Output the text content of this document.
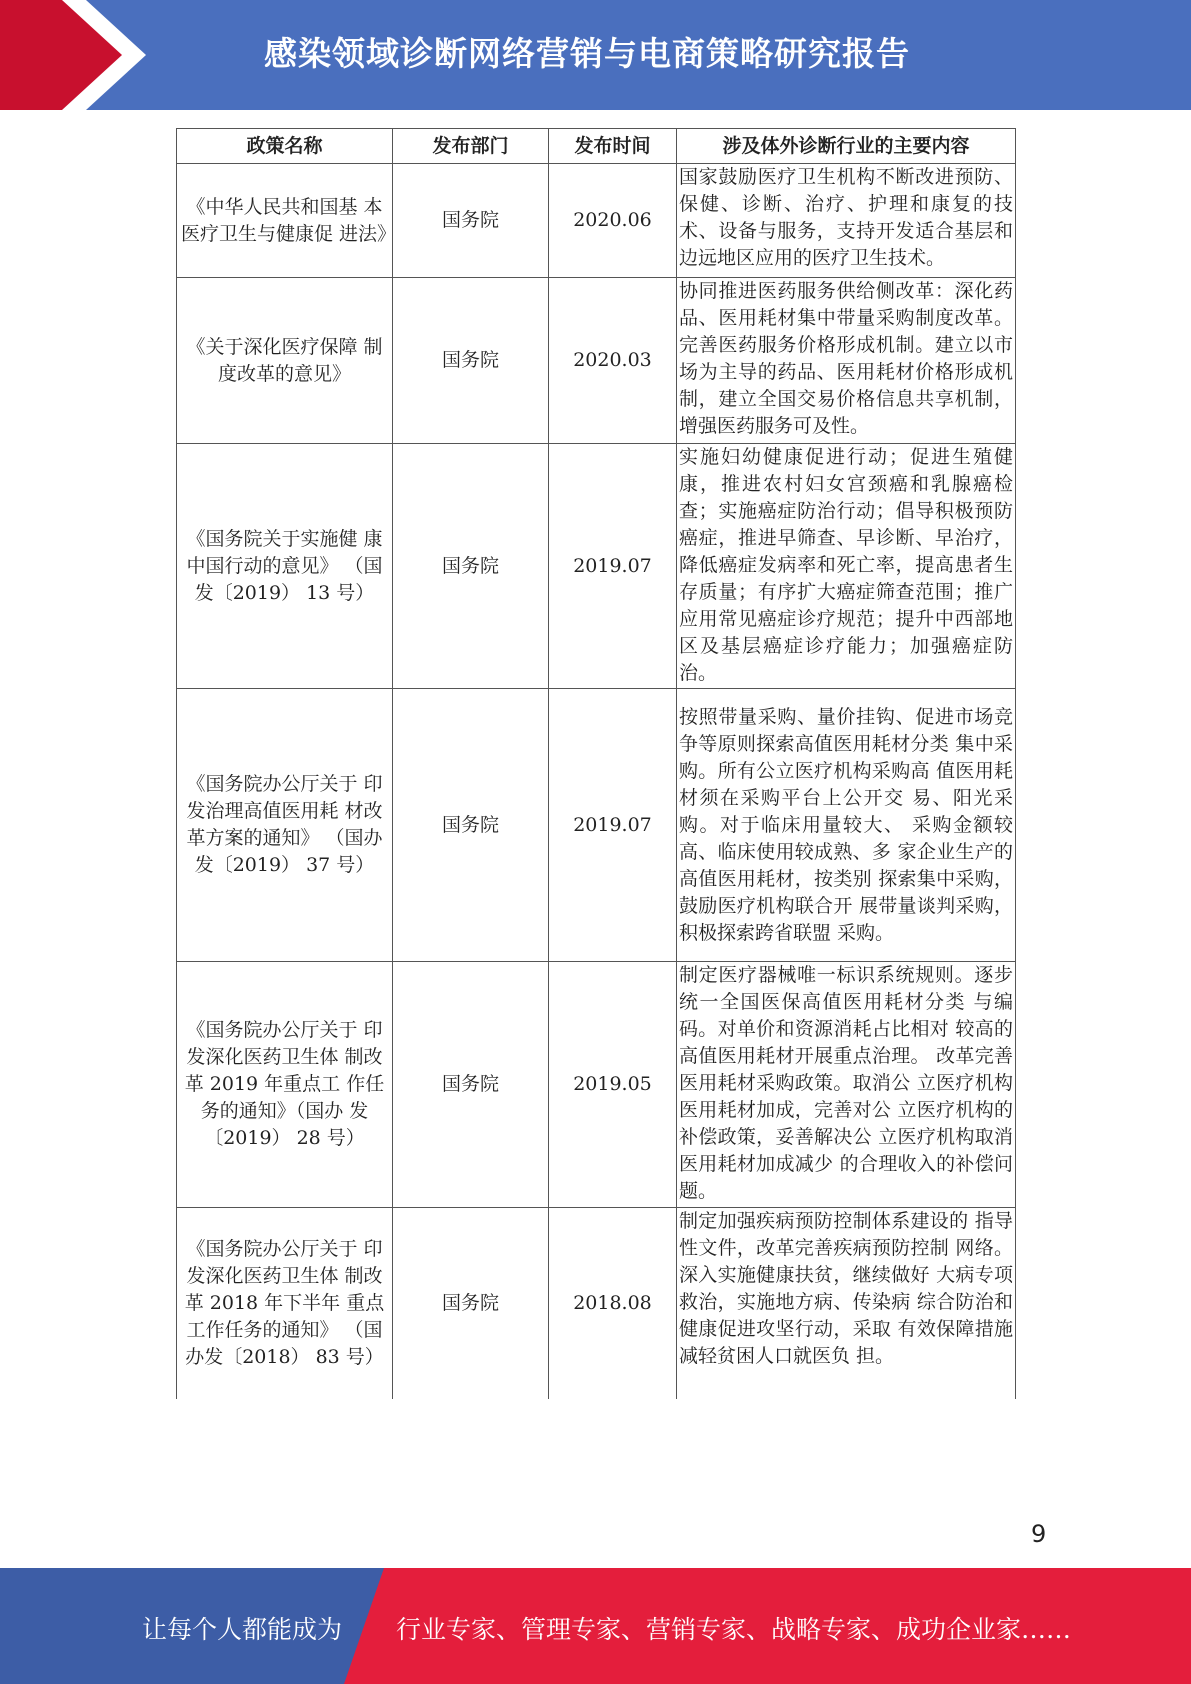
感染领域诊断网络营销与电商策略研究报告
政策名称	发布部门	发布时间	涉及体外诊断行业的主要内容
《中华人民共和国基 本医疗卫生与健康促 进法》	国务院	2020.06	国家鼓励医疗卫生机构不断改进预防、保健、诊断、治疗、护理和康复的技术、设备与服务，支持开发适合基层和边远地区应用的医疗卫生技术。
《关于深化医疗保障 制度改革的意见》	国务院	2020.03	协同推进医药服务供给侧改革：深化药品、医用耗材集中带量采购制度改革。完善医药服务价格形成机制。建立以市场为主导的药品、医用耗材价格形成机制，建立全国交易价格信息共享机制，增强医药服务可及性。
《国务院关于实施健 康中国行动的意见》 （国发〔2019） 13 号）	国务院	2019.07	实施妇幼健康促进行动；促进生殖健康，推进农村妇女宫颈癌和乳腺癌检查；实施癌症防治行动；倡导积极预防癌症，推进早筛查、早诊断、早治疗，降低癌症发病率和死亡率，提高患者生存质量；有序扩大癌症筛查范围；推广应用常见癌症诊疗规范；提升中西部地区及基层癌症诊疗能力；加强癌症防治。
《国务院办公厅关于 印发治理高值医用耗 材改革方案的通知》 （国办发〔2019） 37 号）	国务院	2019.07	按照带量采购、量价挂钩、促进市场竞争等原则探索高值医用耗材分类 集中采购。所有公立医疗机构采购高 值医用耗材须在采购平台上公开交 易、阳光采购。对于临床用量较大、 采购金额较高、临床使用较成熟、多 家企业生产的高值医用耗材，按类别 探索集中采购，鼓励医疗机构联合开 展带量谈判采购，积极探索跨省联盟 采购。
《国务院办公厅关于 印发深化医药卫生体 制改革 2019 年重点工 作任务的通知》（国办 发〔2019） 28 号）	国务院	2019.05	制定医疗器械唯一标识系统规则。逐步统一全国医保高值医用耗材分类 与编码。对单价和资源消耗占比相对 较高的高值医用耗材开展重点治理。 改革完善医用耗材采购政策。取消公 立医疗机构医用耗材加成，完善对公 立医疗机构的补偿政策，妥善解决公 立医疗机构取消医用耗材加成减少 的合理收入的补偿问题。
《国务院办公厅关于 印发深化医药卫生体 制改革 2018 年下半年 重点工作任务的通知》 （国办发〔2018） 83 号）	国务院	2018.08	制定加强疾病预防控制体系建设的 指导性文件，改革完善疾病预防控制 网络。深入实施健康扶贫，继续做好 大病专项救治，实施地方病、传染病 综合防治和健康促进攻坚行动，采取 有效保障措施减轻贫困人口就医负 担。
9
让每个人都能成为 行业专家、管理专家、营销专家、战略专家、成功企业家……
